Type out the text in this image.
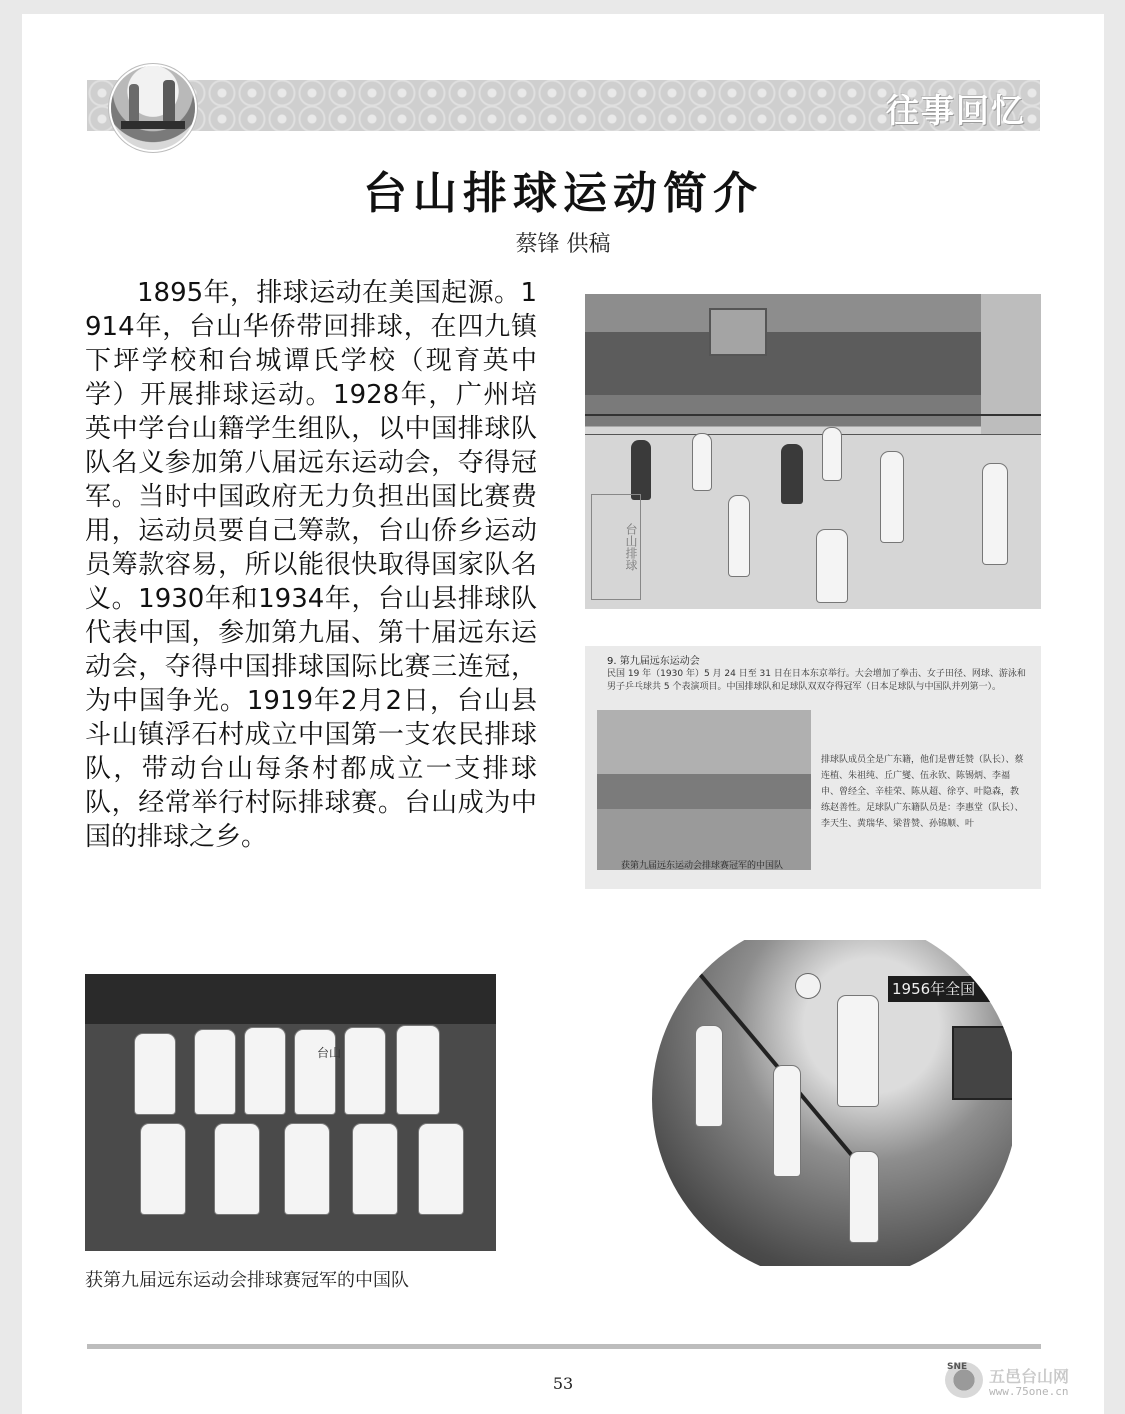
往事回忆
台山排球运动简介
蔡锋 供稿

1895年，排球运动在美国起源。1914年，台山华侨带回排球，在四九镇下坪学校和台城谭氏学校（现育英中学）开展排球运动。1928年，广州培英中学台山籍学生组队，以中国排球队队名义参加第八届远东运动会，夺得冠军。当时中国政府无力负担出国比赛费用，运动员要自己筹款，台山侨乡运动员筹款容易，所以能很快取得国家队名义。1930年和1934年，台山县排球队代表中国，参加第九届、第十届远东运动会，夺得中国排球国际比赛三连冠，为中国争光。1919年2月2日，台山县斗山镇浮石村成立中国第一支农民排球队，带动台山每条村都成立一支排球队，经常举行村际排球赛。台山成为中国的排球之乡。

台山排球
9. 第九届远东运动会
民国 19 年（1930 年）5 月 24 日至 31 日在日本东京举行。大会增加了拳击、女子田径、网球、游泳和男子乒乓球共 5 个表演项目。中国排球队和足球队双双夺得冠军（日本足球队与中国队并列第一）。
排球队成员全是广东籍，他们是曹廷赞（队长）、蔡连植、朱祖纯、丘广燮、伍永钦、陈锡炳、李福申、曾经全、辛桂荣、陈从超、徐亨、叶隐森，教练赵善性。足球队广东籍队员是：李惠堂（队长）、李天生、黄瑞华、梁普赞、孙锦顺、叶
获第九届远东运动会排球赛冠军的中国队
台山

获第九届远东运动会排球赛冠军的中国队

1956年全国
53
SNE 五邑台山网
www.75one.cn
